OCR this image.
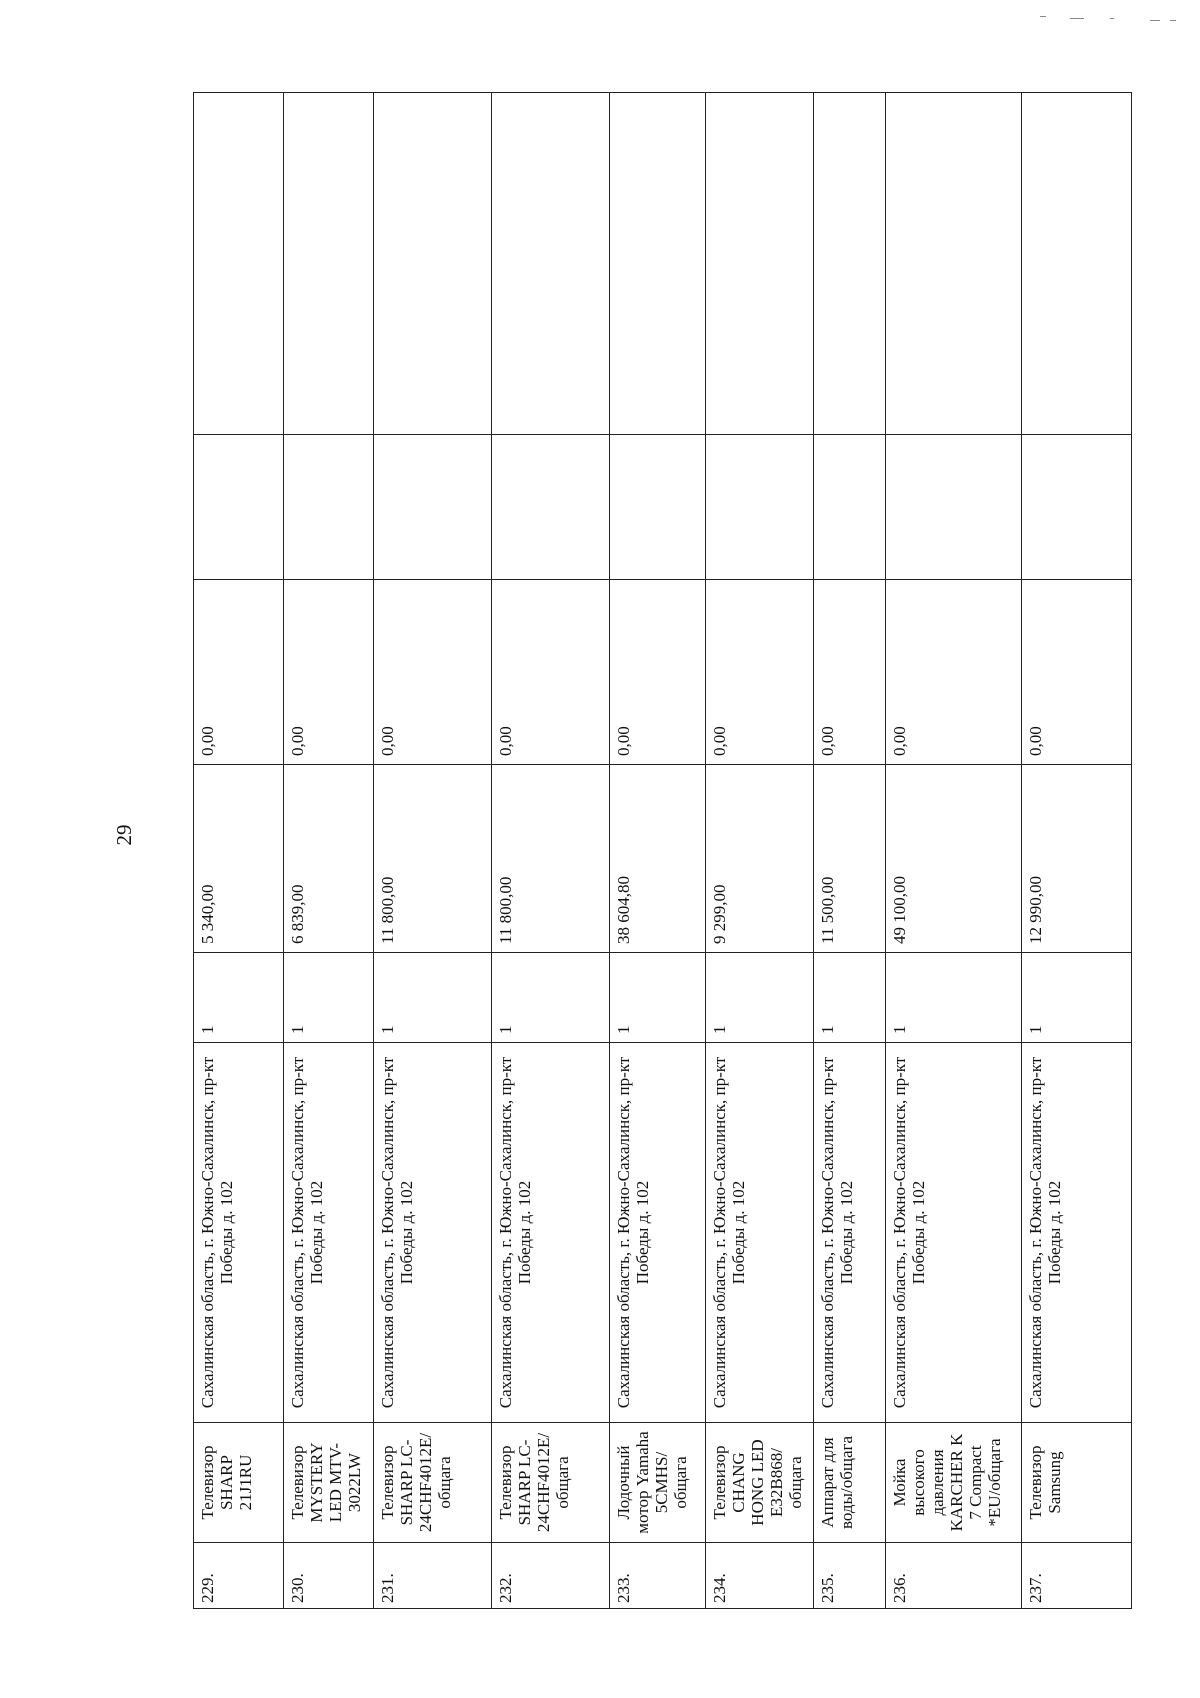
29
229.	Телевизор SHARP 21J1RU	Сахалинская область, г. Южно-Сахалинск, пр-кт Победы д. 102	1	5 340,00	0,00		
230.	Телевизор MYSTERY LED MTV-3022LW	Сахалинская область, г. Южно-Сахалинск, пр-кт Победы д. 102	1	6 839,00	0,00		
231.	Телевизор SHARP LC-24CHF4012E/общага	Сахалинская область, г. Южно-Сахалинск, пр-кт Победы д. 102	1	11 800,00	0,00		
232.	Телевизор SHARP LC-24CHF4012E/общага	Сахалинская область, г. Южно-Сахалинск, пр-кт Победы д. 102	1	11 800,00	0,00		
233.	Лодочный мотор Yamaha 5CMHS/общага	Сахалинская область, г. Южно-Сахалинск, пр-кт Победы д. 102	1	38 604,80	0,00		
234.	Телевизор CHANG HONG LED E32B868/общага	Сахалинская область, г. Южно-Сахалинск, пр-кт Победы д. 102	1	9 299,00	0,00		
235.	Аппарат для воды/общага	Сахалинская область, г. Южно-Сахалинск, пр-кт Победы д. 102	1	11 500,00	0,00		
236.	Мойка высокого давления KARCHER K 7 Compact *EU/общага	Сахалинская область, г. Южно-Сахалинск, пр-кт Победы д. 102	1	49 100,00	0,00		
237.	Телевизор Samsung	Сахалинская область, г. Южно-Сахалинск, пр-кт Победы д. 102	1	12 990,00	0,00		
